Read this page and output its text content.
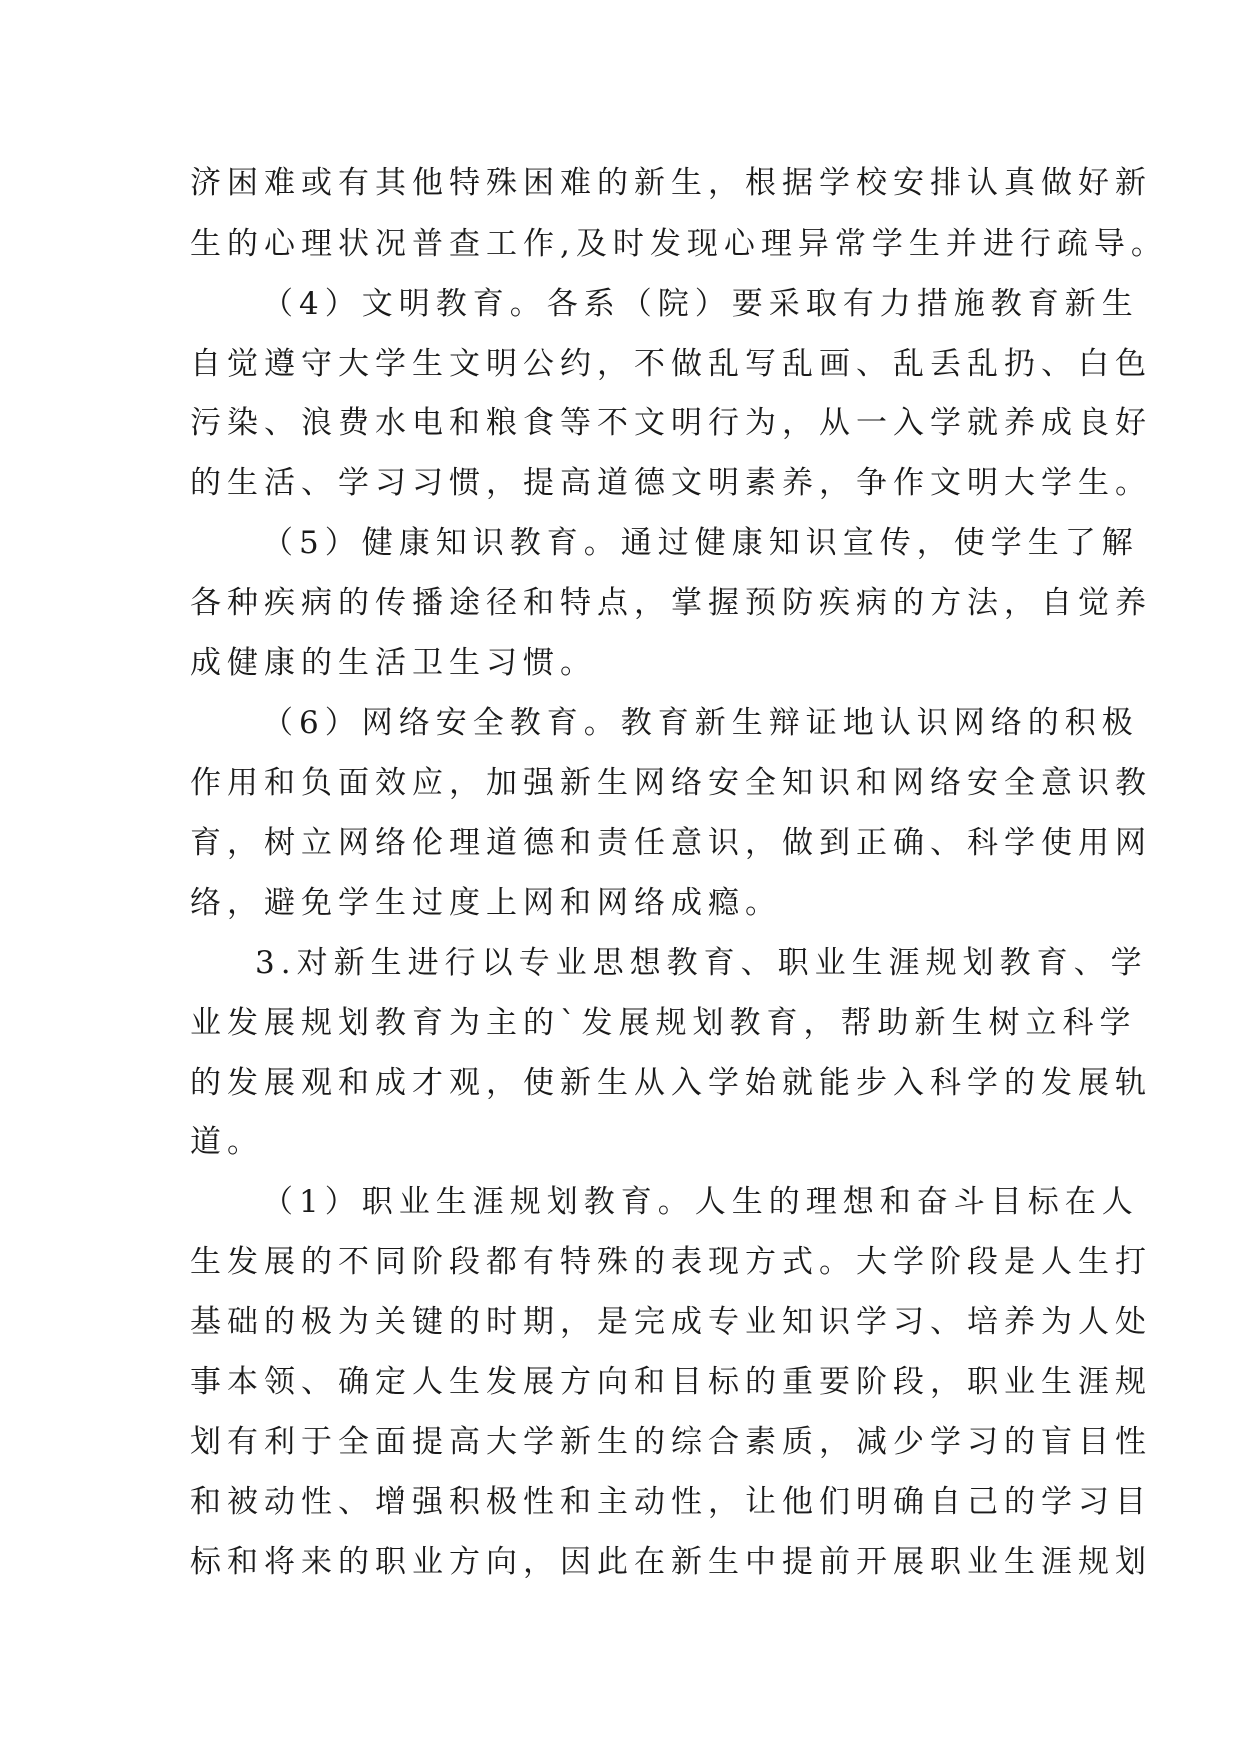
济困难或有其他特殊困难的新生，根据学校安排认真做好新
生的心理状况普查工作,及时发现心理异常学生并进行疏导。
（4）文明教育。各系（院）要采取有力措施教育新生
自觉遵守大学生文明公约，不做乱写乱画、乱丢乱扔、白色
污染、浪费水电和粮食等不文明行为，从一入学就养成良好
的生活、学习习惯，提高道德文明素养，争作文明大学生。
（5）健康知识教育。通过健康知识宣传，使学生了解
各种疾病的传播途径和特点，掌握预防疾病的方法，自觉养
成健康的生活卫生习惯。
（6）网络安全教育。教育新生辩证地认识网络的积极
作用和负面效应，加强新生网络安全知识和网络安全意识教
育，树立网络伦理道德和责任意识，做到正确、科学使用网
络，避免学生过度上网和网络成瘾。
3.对新生进行以专业思想教育、职业生涯规划教育、学
业发展规划教育为主的`发展规划教育，帮助新生树立科学
的发展观和成才观，使新生从入学始就能步入科学的发展轨
道。
（1）职业生涯规划教育。人生的理想和奋斗目标在人
生发展的不同阶段都有特殊的表现方式。大学阶段是人生打
基础的极为关键的时期，是完成专业知识学习、培养为人处
事本领、确定人生发展方向和目标的重要阶段，职业生涯规
划有利于全面提高大学新生的综合素质，减少学习的盲目性
和被动性、增强积极性和主动性，让他们明确自己的学习目
标和将来的职业方向，因此在新生中提前开展职业生涯规划
